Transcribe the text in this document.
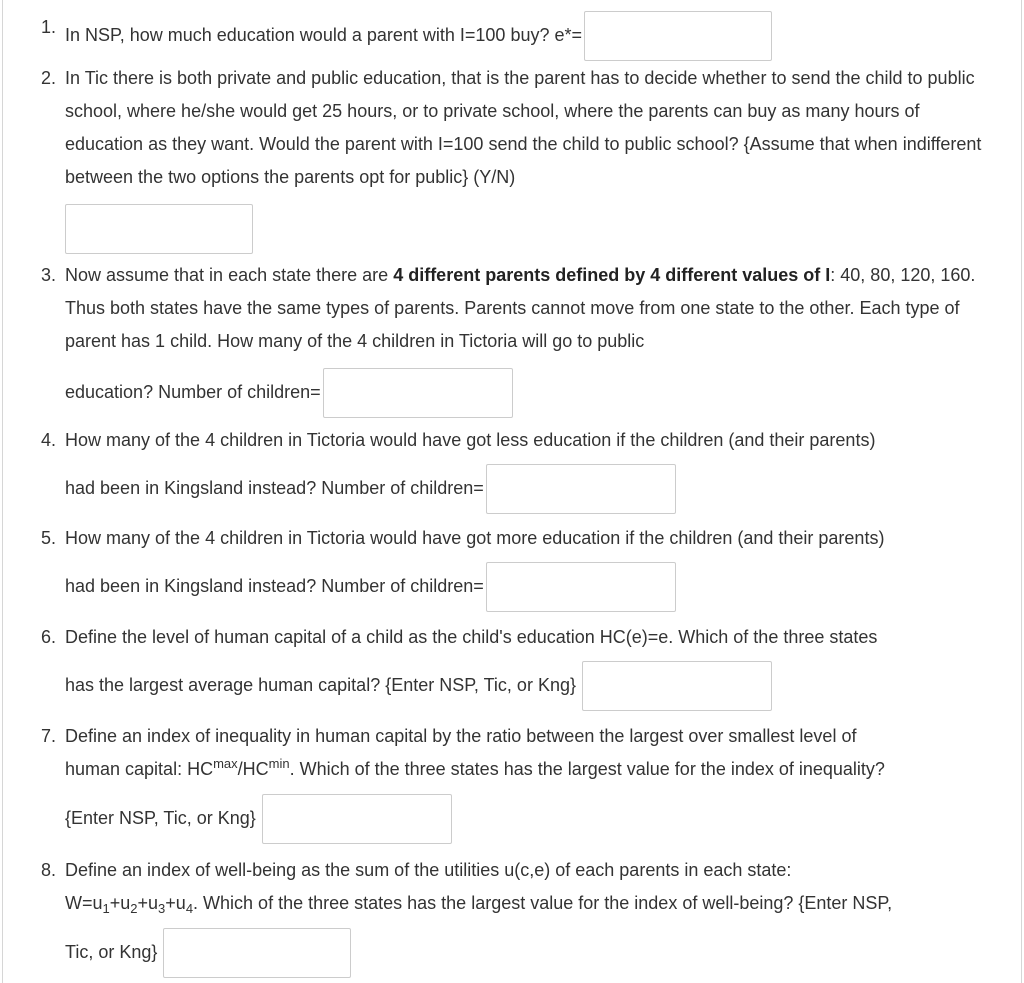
1. In NSP, how much education would a parent with I=100 buy? e*=
2. In Tic there is both private and public education, that is the parent has to decide whether to send the child to public school, where he/she would get 25 hours, or to private school, where the parents can buy as many hours of education as they want. Would the parent with I=100 send the child to public school? {Assume that when indifferent between the two options the parents opt for public} (Y/N)
3. Now assume that in each state there are 4 different parents defined by 4 different values of I: 40, 80, 120, 160. Thus both states have the same types of parents. Parents cannot move from one state to the other. Each type of parent has 1 child. How many of the 4 children in Tictoria will go to public
education? Number of children=
4. How many of the 4 children in Tictoria would have got less education if the children (and their parents)
had been in Kingsland instead? Number of children=
5. How many of the 4 children in Tictoria would have got more education if the children (and their parents)
had been in Kingsland instead? Number of children=
6. Define the level of human capital of a child as the child's education HC(e)=e. Which of the three states
has the largest average human capital? {Enter NSP, Tic, or Kng}
7. Define an index of inequality in human capital by the ratio between the largest over smallest level of
human capital: $HC^{max}/HC^{min}$. Which of the three states has the largest value for the index of inequality?
{Enter NSP, Tic, or Kng}
8. Define an index of well-being as the sum of the utilities u(c,e) of each parents in each state:
$W=u_1+u_2+u_3+u_4$. Which of the three states has the largest value for the index of well-being? {Enter NSP,
Tic, or Kng}
